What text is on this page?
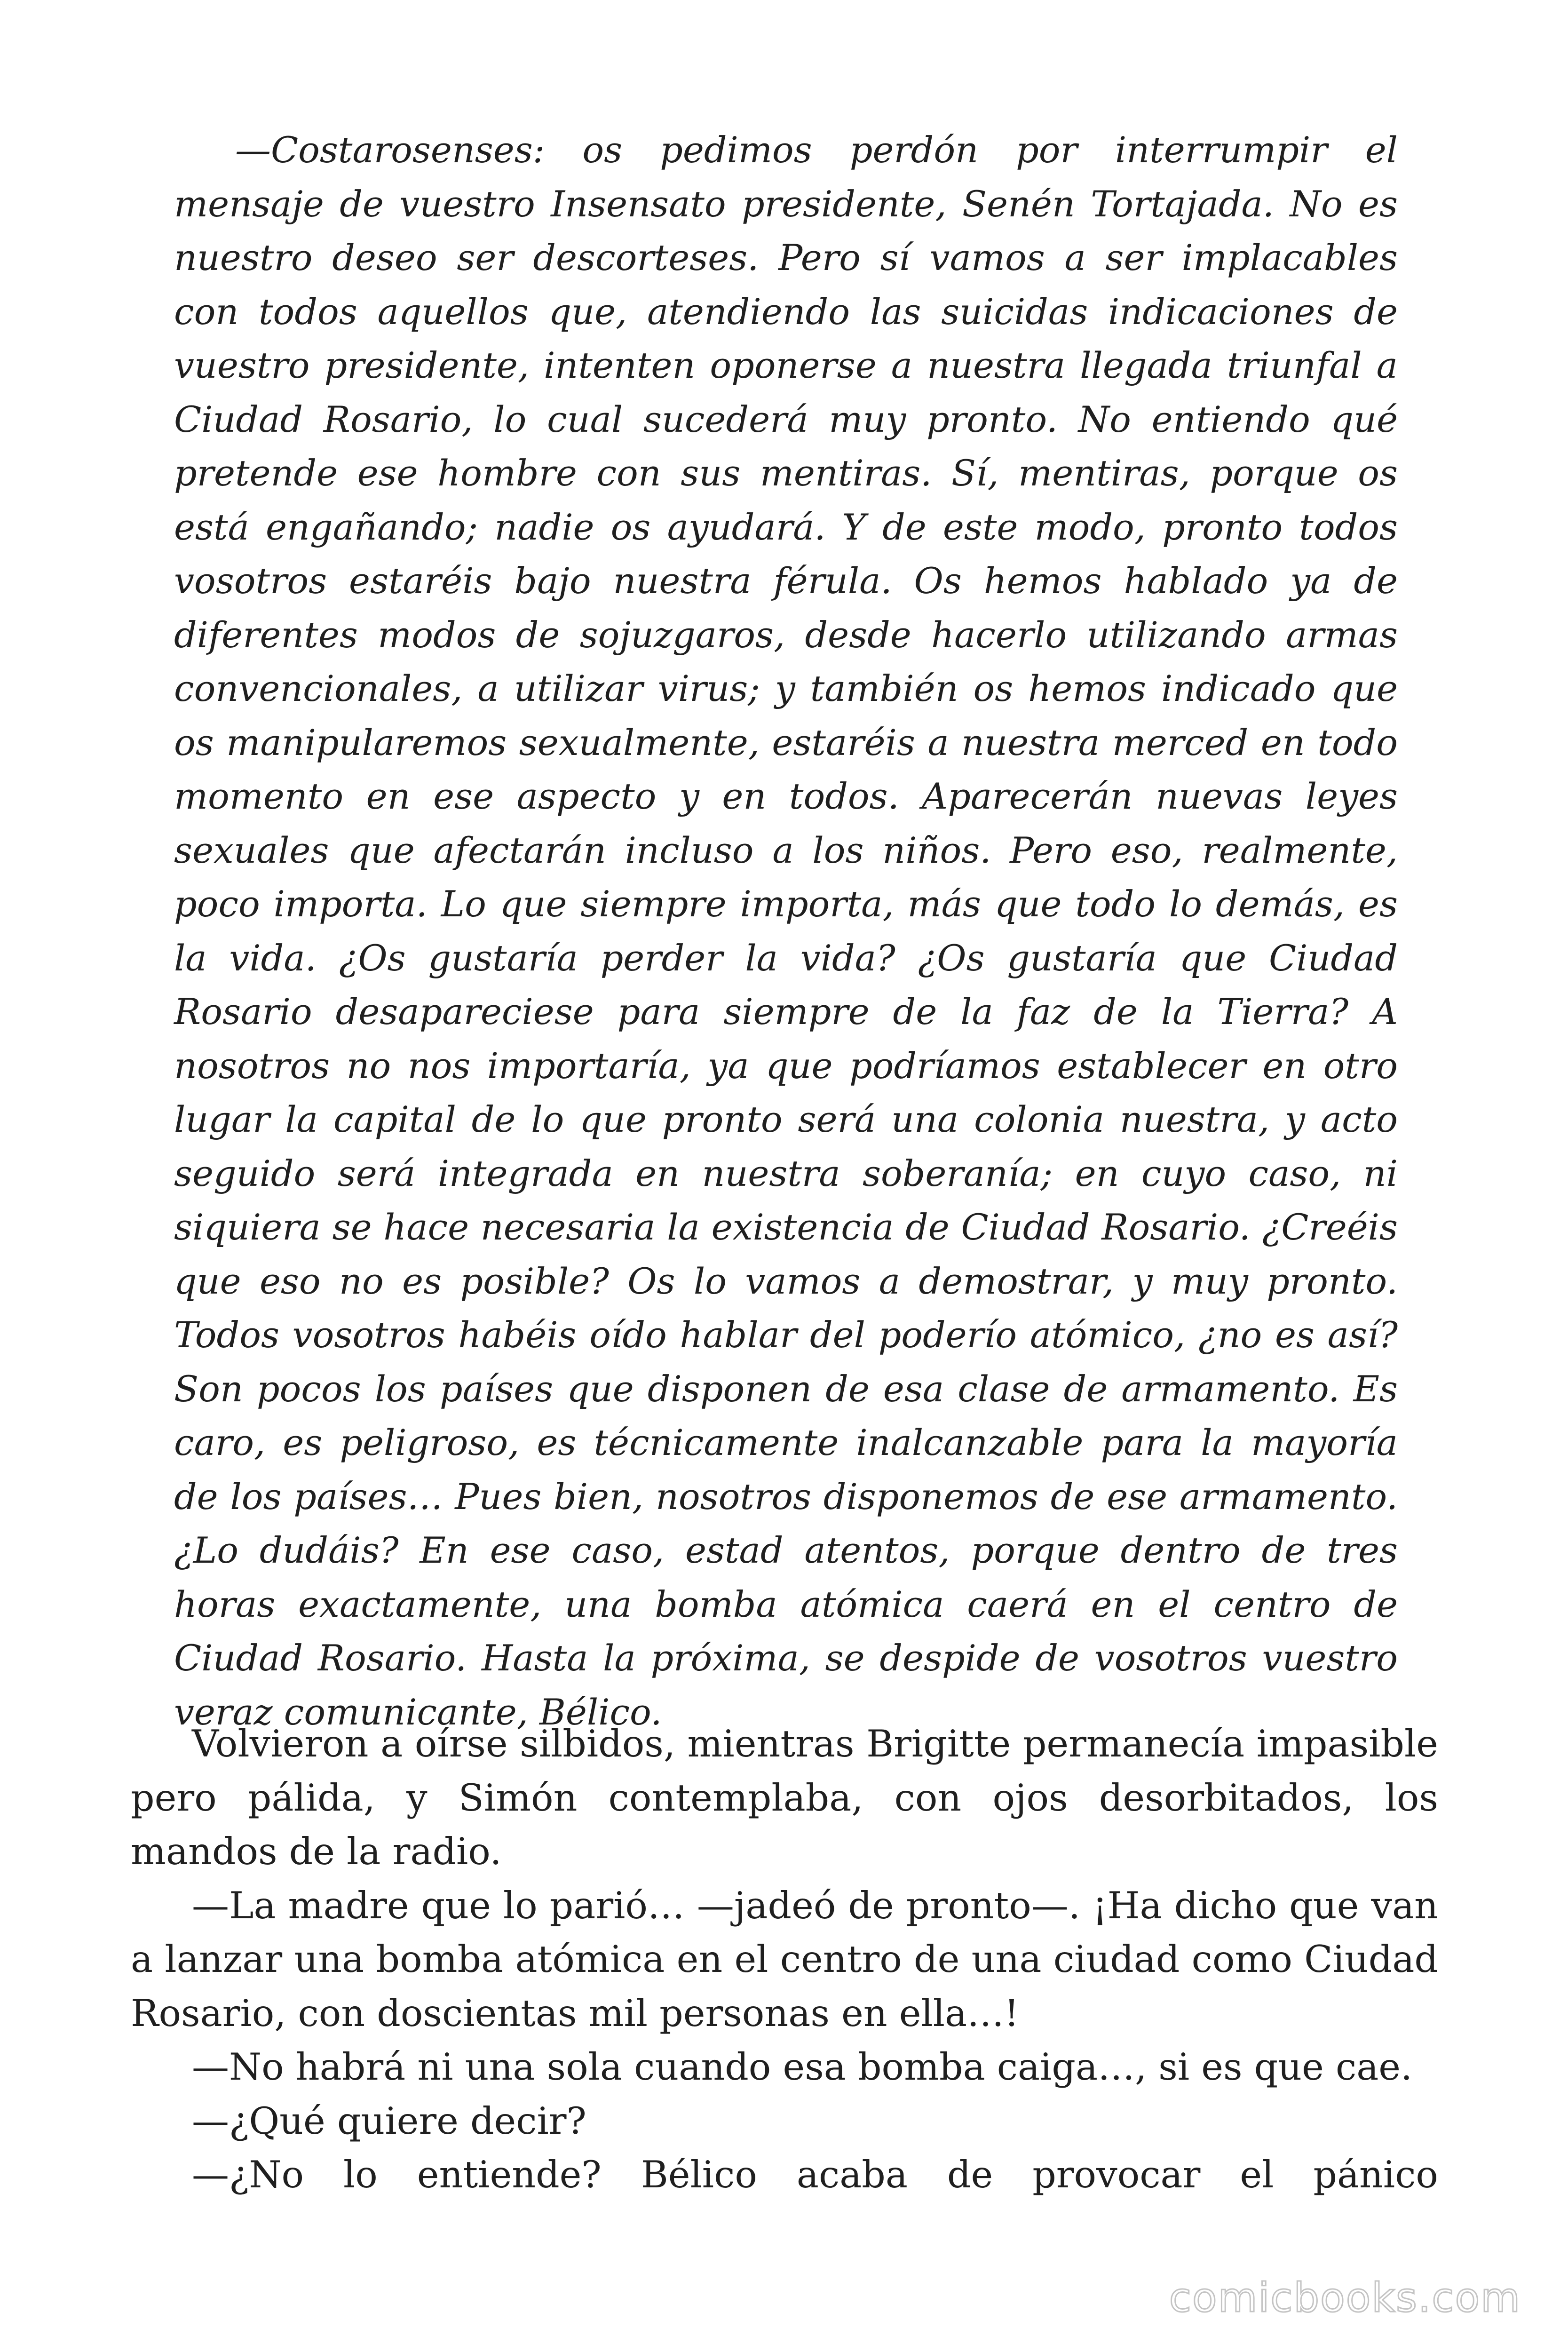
—Costarosenses: os pedimos perdón por interrumpir el mensaje de vuestro Insensato presidente, Senén Tortajada. No es nuestro deseo ser descorteses. Pero sí vamos a ser implacables con todos aquellos que, atendiendo las suicidas indicaciones de vuestro presidente, intenten oponerse a nuestra llegada triunfal a Ciudad Rosario, lo cual sucederá muy pronto. No entiendo qué pretende ese hombre con sus mentiras. Sí, mentiras, porque os está engañando; nadie os ayudará. Y de este modo, pronto todos vosotros estaréis bajo nuestra férula. Os hemos hablado ya de diferentes modos de sojuzgaros, desde hacerlo utilizando armas convencionales, a utilizar virus; y también os hemos indicado que os manipularemos sexualmente, estaréis a nuestra merced en todo momento en ese aspecto y en todos. Aparecerán nuevas leyes sexuales que afectarán incluso a los niños. Pero eso, realmente, poco importa. Lo que siempre importa, más que todo lo demás, es la vida. ¿Os gustaría perder la vida? ¿Os gustaría que Ciudad Rosario desapareciese para siempre de la faz de la Tierra? A nosotros no nos importaría, ya que podríamos establecer en otro lugar la capital de lo que pronto será una colonia nuestra, y acto seguido será integrada en nuestra soberanía; en cuyo caso, ni siquiera se hace necesaria la existencia de Ciudad Rosario. ¿Creéis que eso no es posible? Os lo vamos a demostrar, y muy pronto. Todos vosotros habéis oído hablar del poderío atómico, ¿no es así? Son pocos los países que disponen de esa clase de armamento. Es caro, es peligroso, es técnicamente inalcanzable para la mayoría de los países… Pues bien, nosotros disponemos de ese armamento. ¿Lo dudáis? En ese caso, estad atentos, porque dentro de tres horas exactamente, una bomba atómica caerá en el centro de Ciudad Rosario. Hasta la próxima, se despide de vosotros vuestro veraz comunicante, Bélico.

Volvieron a oírse silbidos, mientras Brigitte permanecía impasible pero pálida, y Simón contemplaba, con ojos desorbitados, los mandos de la radio.

—La madre que lo parió… —jadeó de pronto—. ¡Ha dicho que van a lanzar una bomba atómica en el centro de una ciudad como Ciudad Rosario, con doscientas mil personas en ella…!

—No habrá ni una sola cuando esa bomba caiga…, si es que cae.

—¿Qué quiere decir?

—¿No lo entiende? Bélico acaba de provocar el pánico

comicbooks.com
